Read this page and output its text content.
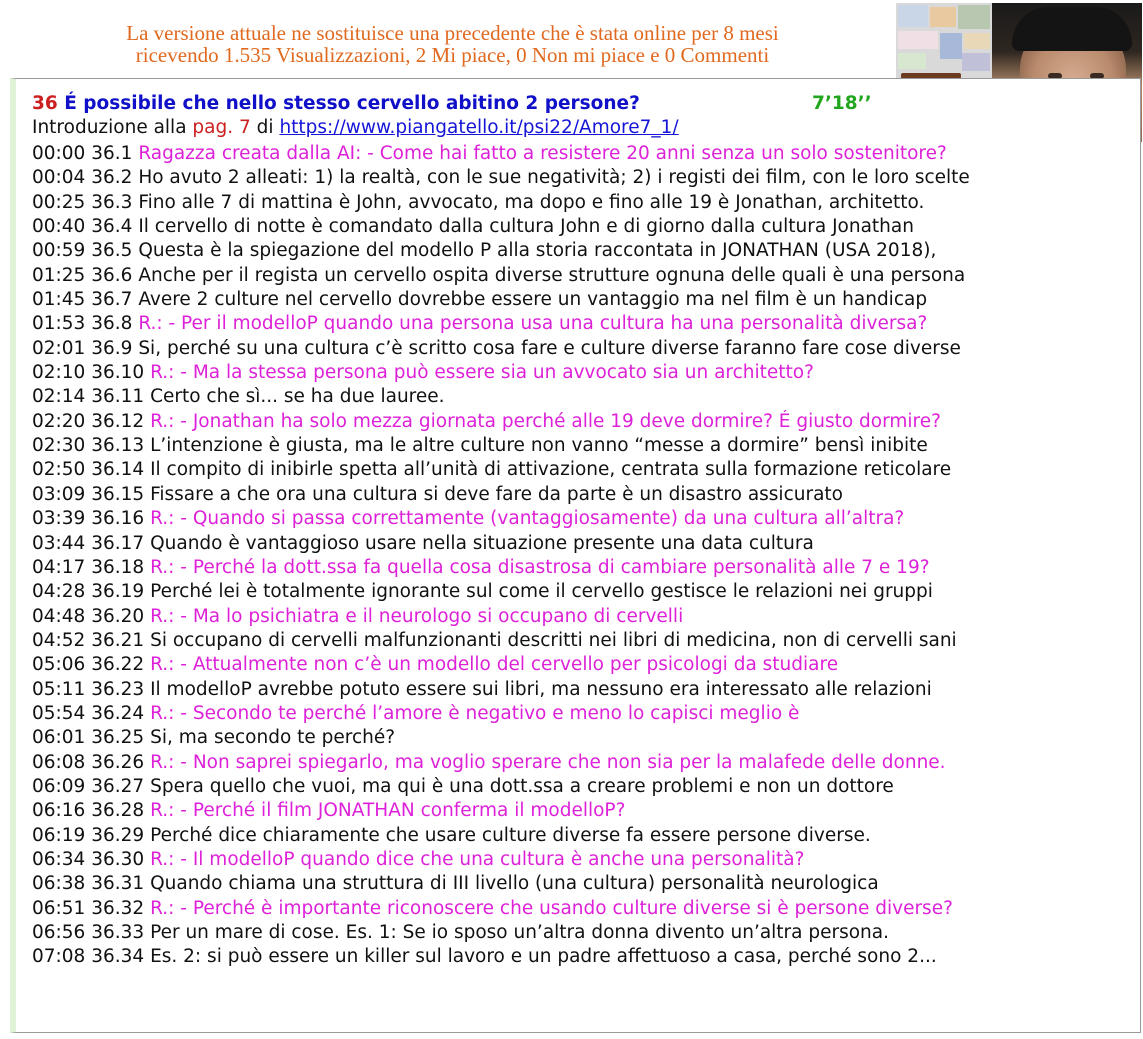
La versione attuale ne sostituisce una precedente che è stata online per 8 mesi
ricevendo 1.535 Visualizzazioni, 2 Mi piace, 0 Non mi piace e 0 Commenti
36 É possibile che nello stesso cervello abitino 2 persone?	7’18’’
Introduzione alla pag. 7 di https://www.piangatello.it/psi22/Amore7_1/
00:00 36.1 Ragazza creata dalla AI: - Come hai fatto a resistere 20 anni senza un solo sostenitore?
00:04 36.2 Ho avuto 2 alleati: 1) la realtà, con le sue negatività; 2) i registi dei film, con le loro scelte
00:25 36.3 Fino alle 7 di mattina è John, avvocato, ma dopo e fino alle 19 è Jonathan, architetto.
00:40 36.4 Il cervello di notte è comandato dalla cultura John e di giorno dalla cultura Jonathan
00:59 36.5 Questa è la spiegazione del modello P alla storia raccontata in JONATHAN (USA 2018),
01:25 36.6 Anche per il regista un cervello ospita diverse strutture ognuna delle quali è una persona
01:45 36.7 Avere 2 culture nel cervello dovrebbe essere un vantaggio ma nel film è un handicap
01:53 36.8 R.: - Per il modelloP quando una persona usa una cultura ha una personalità diversa?
02:01 36.9 Si, perché su una cultura c’è scritto cosa fare e culture diverse faranno fare cose diverse
02:10 36.10 R.: - Ma la stessa persona può essere sia un avvocato sia un architetto?
02:14 36.11 Certo che sì... se ha due lauree.
02:20 36.12 R.: - Jonathan ha solo mezza giornata perché alle 19 deve dormire? É giusto dormire?
02:30 36.13 L’intenzione è giusta, ma le altre culture non vanno “messe a dormire” bensì inibite
02:50 36.14 Il compito di inibirle spetta all’unità di attivazione, centrata sulla formazione reticolare
03:09 36.15 Fissare a che ora una cultura si deve fare da parte è un disastro assicurato
03:39 36.16 R.: - Quando si passa correttamente (vantaggiosamente) da una cultura all’altra?
03:44 36.17 Quando è vantaggioso usare nella situazione presente una data cultura
04:17 36.18 R.: - Perché la dott.ssa fa quella cosa disastrosa di cambiare personalità alle 7 e 19?
04:28 36.19 Perché lei è totalmente ignorante sul come il cervello gestisce le relazioni nei gruppi
04:48 36.20 R.: - Ma lo psichiatra e il neurologo si occupano di cervelli
04:52 36.21 Si occupano di cervelli malfunzionanti descritti nei libri di medicina, non di cervelli sani
05:06 36.22 R.: - Attualmente non c’è un modello del cervello per psicologi da studiare
05:11 36.23 Il modelloP avrebbe potuto essere sui libri, ma nessuno era interessato alle relazioni
05:54 36.24 R.: - Secondo te perché l’amore è negativo e meno lo capisci meglio è
06:01 36.25 Si, ma secondo te perché?
06:08 36.26 R.: - Non saprei spiegarlo, ma voglio sperare che non sia per la malafede delle donne.
06:09 36.27 Spera quello che vuoi, ma qui è una dott.ssa a creare problemi e non un dottore
06:16 36.28 R.: - Perché il film JONATHAN conferma il modelloP?
06:19 36.29 Perché dice chiaramente che usare culture diverse fa essere persone diverse.
06:34 36.30 R.: - Il modelloP quando dice che una cultura è anche una personalità?
06:38 36.31 Quando chiama una struttura di III livello (una cultura) personalità neurologica
06:51 36.32 R.: - Perché è importante riconoscere che usando culture diverse si è persone diverse?
06:56 36.33 Per un mare di cose. Es. 1: Se io sposo un’altra donna divento un’altra persona.
07:08 36.34 Es. 2: si può essere un killer sul lavoro e un padre affettuoso a casa, perché sono 2...
